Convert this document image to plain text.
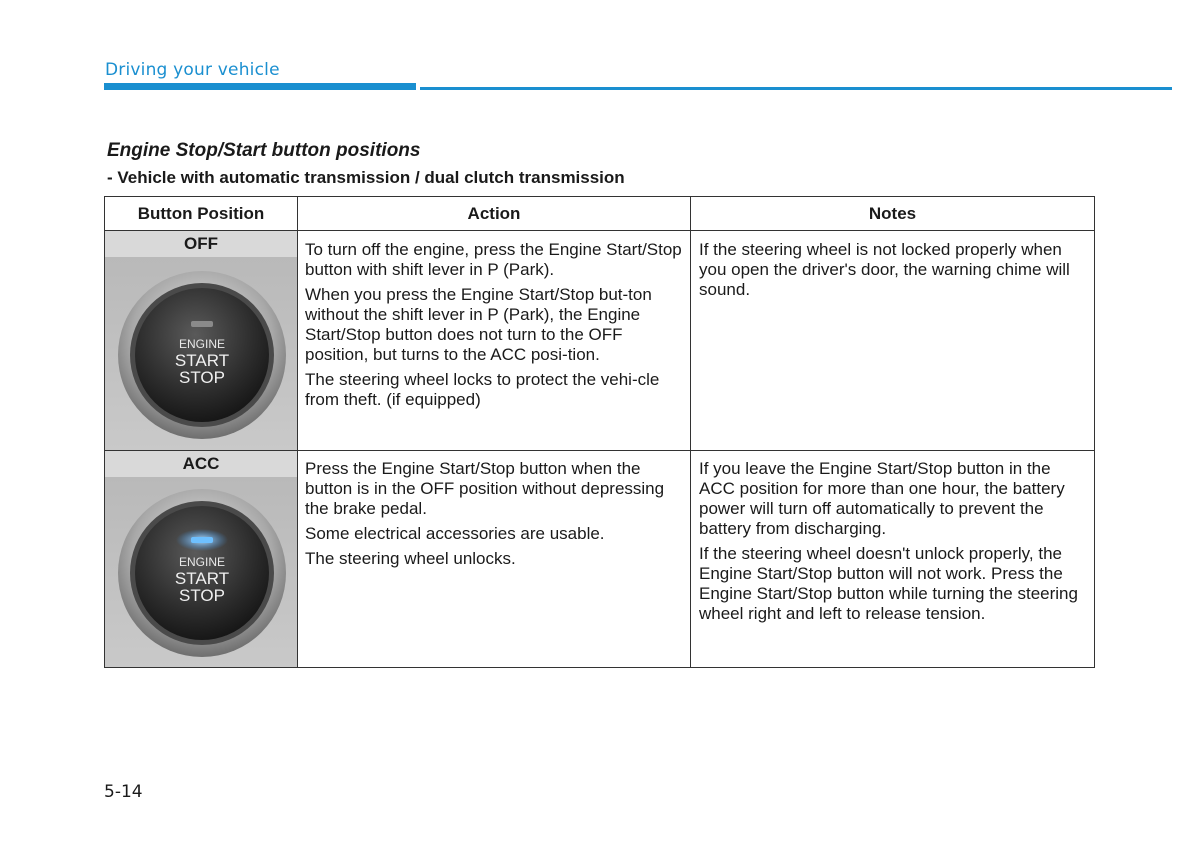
Driving your vehicle
Engine Stop/Start button positions
- Vehicle with automatic transmission / dual clutch transmission
Button Position	Action	Notes
OFF
ENGINE
START
STOP

To turn off the engine, press the Engine Start/Stop button with shift lever in P (Park).

When you press the Engine Start/Stop but-ton without the shift lever in P (Park), the Engine Start/Stop button does not turn to the OFF position, but turns to the ACC posi-tion.

The steering wheel locks to protect the vehi-cle from theft. (if equipped)

If the steering wheel is not locked properly when you open the driver's door, the warning chime will sound.

ACC
ENGINE
START
STOP

Press the Engine Start/Stop button when the button is in the OFF position without depressing the brake pedal.

Some electrical accessories are usable.

The steering wheel unlocks.

If you leave the Engine Start/Stop button in the ACC position for more than one hour, the battery power will turn off automatically to prevent the battery from discharging.

If the steering wheel doesn't unlock properly, the Engine Start/Stop button will not work. Press the Engine Start/Stop button while turning the steering wheel right and left to release tension.

5-14
